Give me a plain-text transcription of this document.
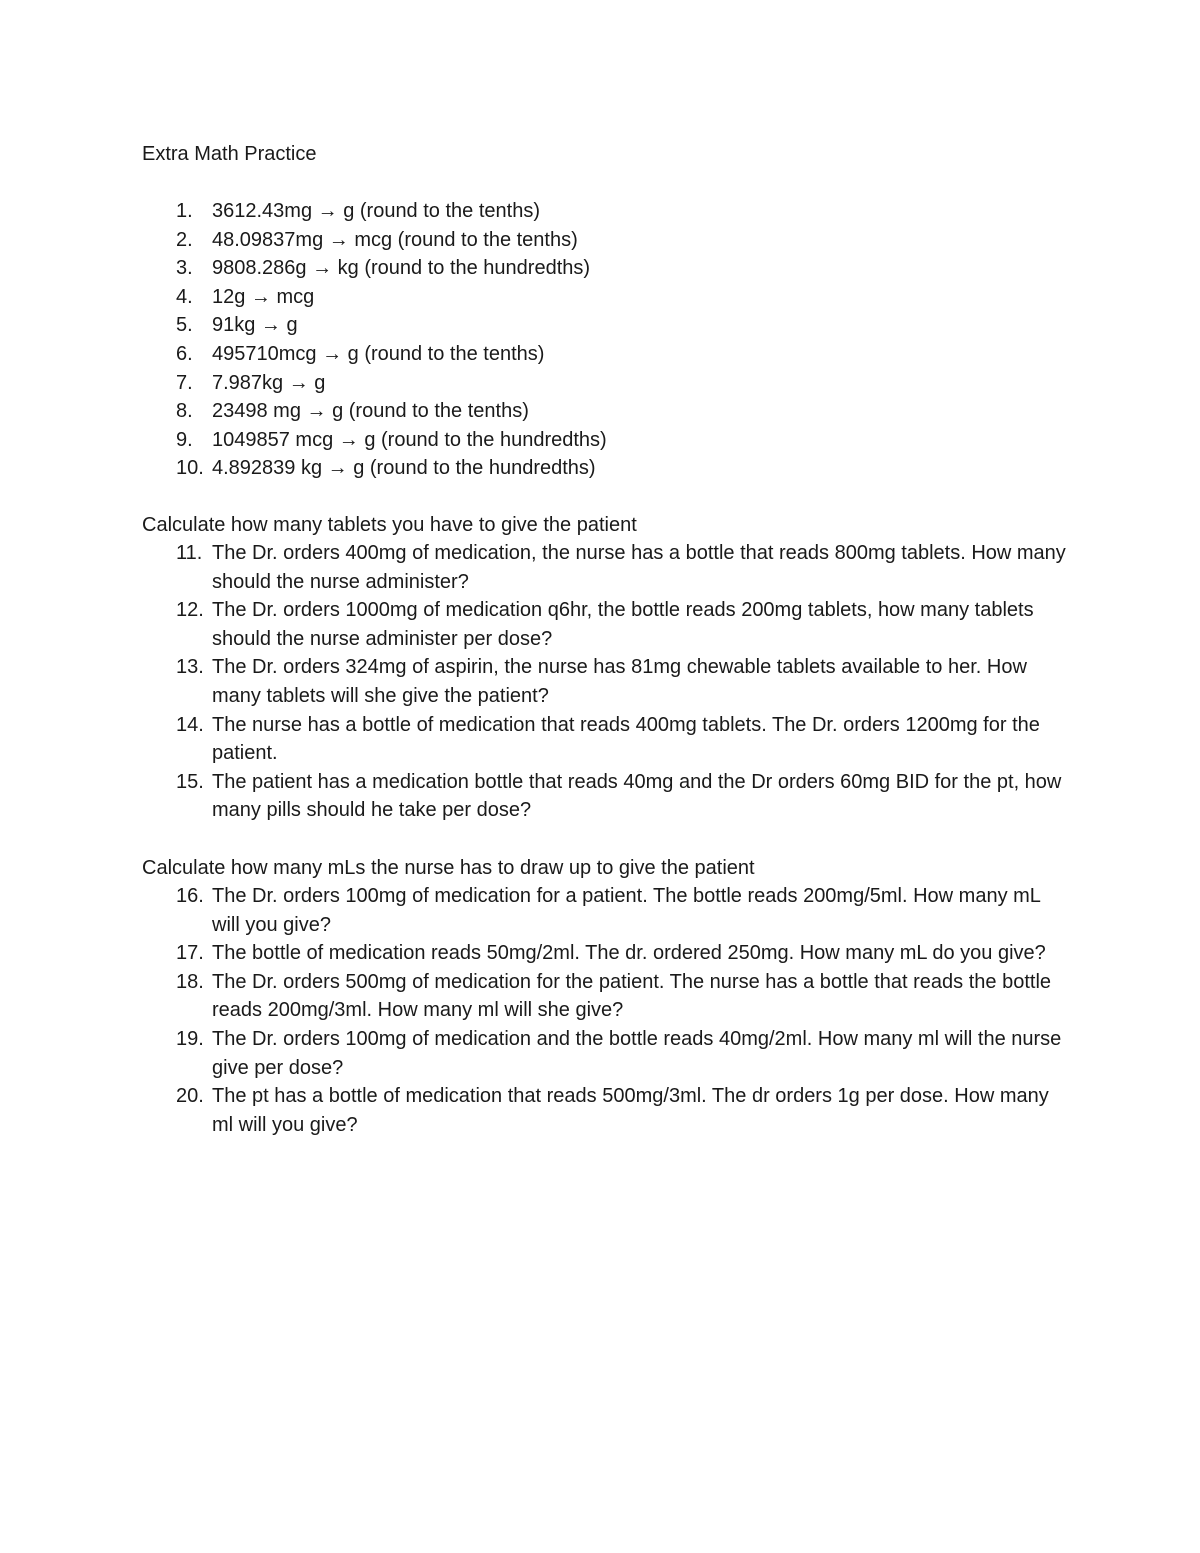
Extra Math Practice
1. 3612.43mg → g (round to the tenths)
2. 48.09837mg → mcg (round to the tenths)
3. 9808.286g → kg (round to the hundredths)
4. 12g → mcg
5. 91kg → g
6. 495710mcg → g (round to the tenths)
7. 7.987kg → g
8. 23498 mg → g (round to the tenths)
9. 1049857 mcg → g (round to the hundredths)
10. 4.892839 kg → g (round to the hundredths)
Calculate how many tablets you have to give the patient
11. The Dr. orders 400mg of medication, the nurse has a bottle that reads 800mg tablets. How many should the nurse administer?
12. The Dr. orders 1000mg of medication q6hr, the bottle reads 200mg tablets, how many tablets should the nurse administer per dose?
13. The Dr. orders 324mg of aspirin, the nurse has 81mg chewable tablets available to her. How many tablets will she give the patient?
14. The nurse has a bottle of medication that reads 400mg tablets. The Dr. orders 1200mg for the patient.
15. The patient has a medication bottle that reads 40mg and the Dr orders 60mg BID for the pt, how many pills should he take per dose?
Calculate how many mLs the nurse has to draw up to give the patient
16. The Dr. orders 100mg of medication for a patient. The bottle reads 200mg/5ml. How many mL will you give?
17. The bottle of medication reads 50mg/2ml. The dr. ordered 250mg. How many mL do you give?
18. The Dr. orders 500mg of medication for the patient. The nurse has a bottle that reads the bottle reads 200mg/3ml. How many ml will she give?
19. The Dr. orders 100mg of medication and the bottle reads 40mg/2ml. How many ml will the nurse give per dose?
20. The pt has a bottle of medication that reads 500mg/3ml. The dr orders 1g per dose. How many ml will you give?
